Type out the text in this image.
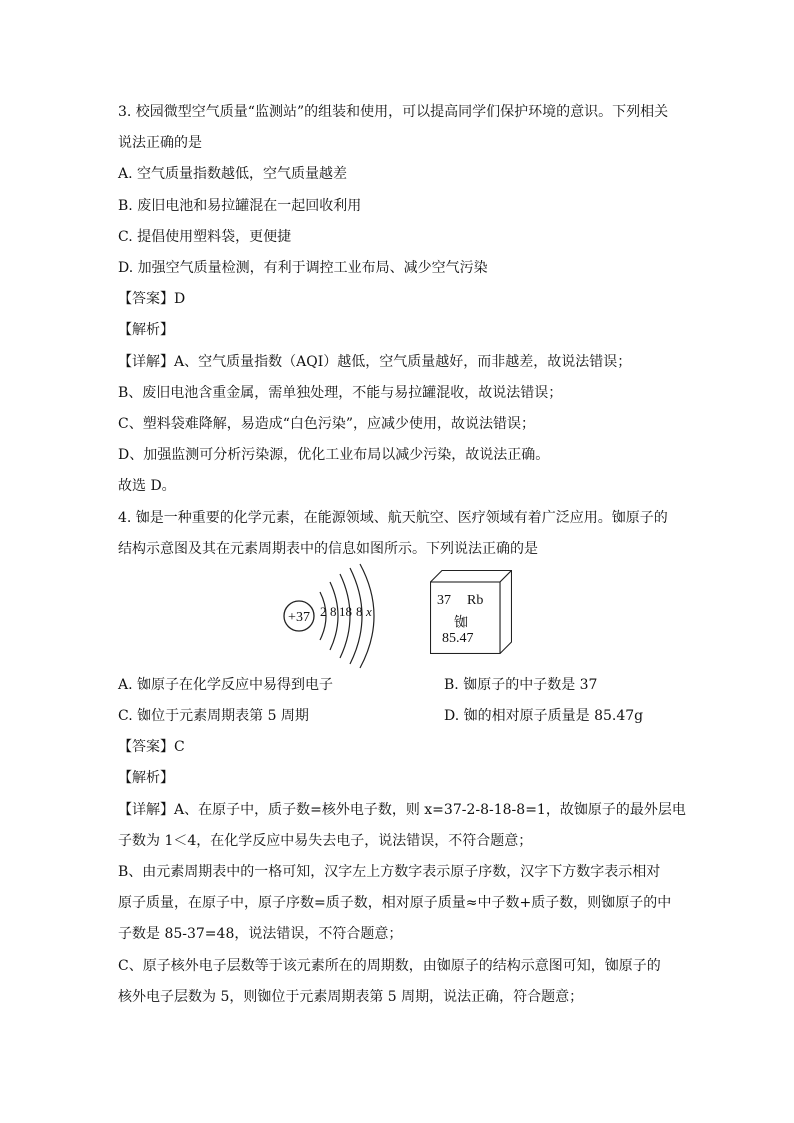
3. 校园微型空气质量“监测站”的组装和使用，可以提高同学们保护环境的意识。下列相关
说法正确的是
A. 空气质量指数越低，空气质量越差
B. 废旧电池和易拉罐混在一起回收利用
C. 提倡使用塑料袋，更便捷
D. 加强空气质量检测，有利于调控工业布局、减少空气污染
【答案】D
【解析】
【详解】A、空气质量指数（AQI）越低，空气质量越好，而非越差，故说法错误；
B、废旧电池含重金属，需单独处理，不能与易拉罐混收，故说法错误；
C、塑料袋难降解，易造成“白色污染”，应减少使用，故说法错误；
D、加强监测可分析污染源，优化工业布局以减少污染，故说法正确。
故选 D。
4. 铷是一种重要的化学元素，在能源领域、航天航空、医疗领域有着广泛应用。铷原子的
结构示意图及其在元素周期表中的信息如图所示。下列说法正确的是
+37 2 8 18 8 x
37 Rb
铷
85.47
A. 铷原子在化学反应中易得到电子	B. 铷原子的中子数是 37
C. 铷位于元素周期表第 5 周期	D. 铷的相对原子质量是 85.47g
【答案】C
【解析】
【详解】A、在原子中，质子数=核外电子数，则 x=37-2-8-18-8=1，故铷原子的最外层电
子数为 1＜4，在化学反应中易失去电子，说法错误，不符合题意；
B、由元素周期表中的一格可知，汉字左上方数字表示原子序数，汉字下方数字表示相对
原子质量，在原子中，原子序数=质子数，相对原子质量≈中子数+质子数，则铷原子的中
子数是 85-37=48，说法错误，不符合题意；
C、原子核外电子层数等于该元素所在的周期数，由铷原子的结构示意图可知，铷原子的
核外电子层数为 5，则铷位于元素周期表第 5 周期，说法正确，符合题意；
